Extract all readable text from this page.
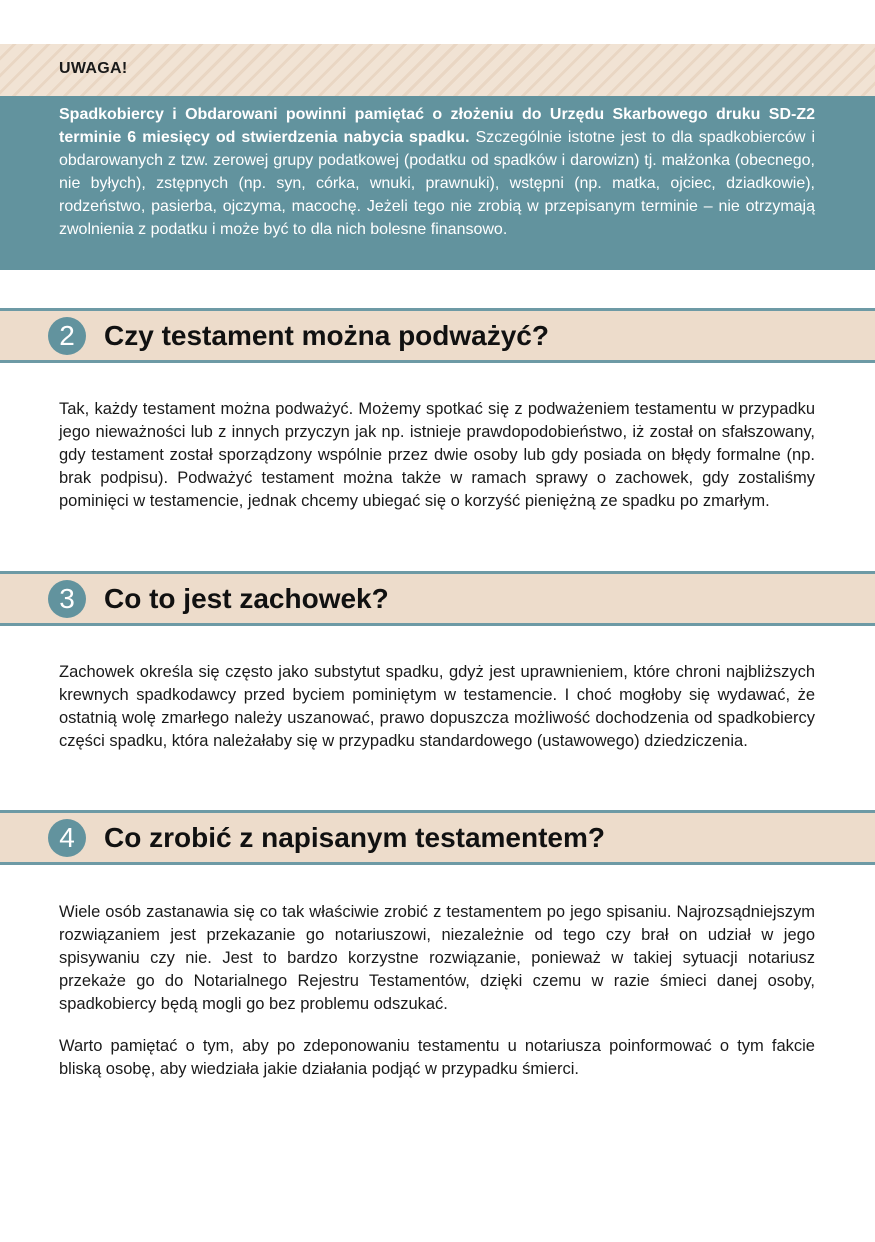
UWAGA!
Spadkobiercy i Obdarowani powinni pamiętać o złożeniu do Urzędu Skarbowego druku SD-Z2 terminie 6 miesięcy od stwierdzenia nabycia spadku. Szczególnie istotne jest to dla spadkobierców i obdarowanych z tzw. zerowej grupy podatkowej (podatku od spadków i darowizn) tj. małżonka (obecnego, nie byłych), zstępnych (np. syn, córka, wnuki, prawnuki), wstępni (np. matka, ojciec, dziadkowie), rodzeństwo, pasierba, ojczyma, macochę. Jeżeli tego nie zrobią w przepisanym terminie – nie otrzymają zwolnienia z podatku i może być to dla nich bolesne finansowo.
2	Czy testament można podważyć?
Tak, każdy testament można podważyć. Możemy spotkać się z podważeniem testamentu w przypadku jego nieważności lub z innych przyczyn jak np. istnieje prawdopodobieństwo, iż został on sfałszowany, gdy testament został sporządzony wspólnie przez dwie osoby lub gdy posiada on błędy formalne (np. brak podpisu). Podważyć testament można także w ramach sprawy o zachowek, gdy zostaliśmy pominięci w testamencie, jednak chcemy ubiegać się o korzyść pieniężną ze spadku po zmarłym.
3	Co to jest zachowek?
Zachowek określa się często jako substytut spadku, gdyż jest uprawnieniem, które chroni najbliższych krewnych spadkodawcy przed byciem pominiętym w testamencie. I choć mogłoby się wydawać, że ostatnią wolę zmarłego należy uszanować, prawo dopuszcza możliwość dochodzenia od spadkobiercy części spadku, która należałaby się w przypadku standardowego (ustawowego) dziedziczenia.
4	Co zrobić z napisanym testamentem?
Wiele osób zastanawia się co tak właściwie zrobić z testamentem po jego spisaniu. Najrozsądniejszym rozwiązaniem jest przekazanie go notariuszowi, niezależnie od tego czy brał on udział w jego spisywaniu czy nie. Jest to bardzo korzystne rozwiązanie, ponieważ w takiej sytuacji notariusz przekaże go do Notarialnego Rejestru Testamentów, dzięki czemu w razie śmieci danej osoby, spadkobiercy będą mogli go bez problemu odszukać.
Warto pamiętać o tym, aby po zdeponowaniu testamentu u notariusza poinformować o tym fakcie bliską osobę, aby wiedziała jakie działania podjąć w przypadku śmierci.
